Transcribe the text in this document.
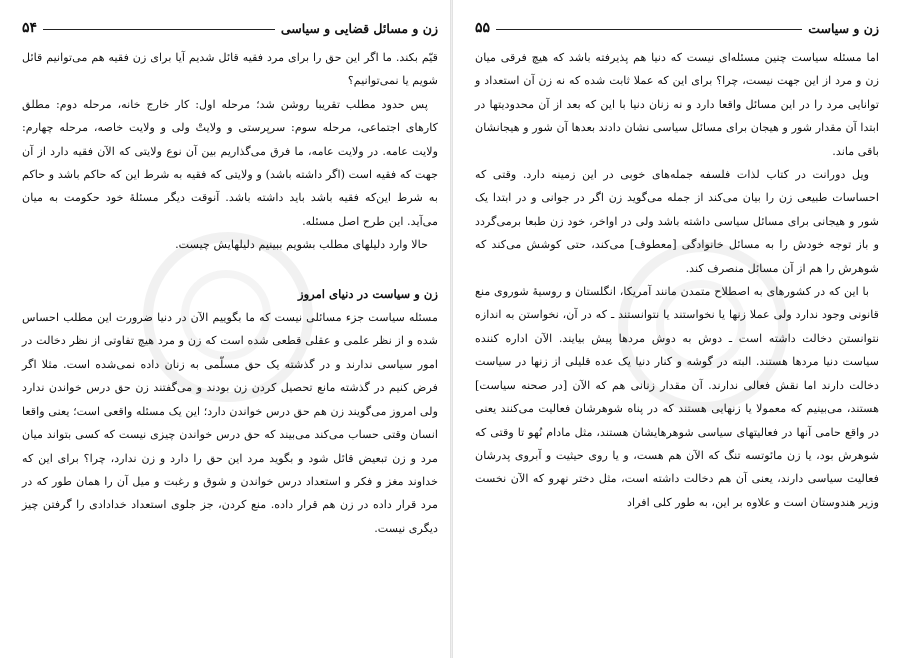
زن و مسائل قضایی و سیاسی
۵۴

قیّم بکند. ما اگر این حق را برای مرد فقیه قائل شدیم آیا برای زن فقیه هم می‌توانیم قائل شویم یا نمی‌توانیم؟

پس حدود مطلب تقریبا روشن شد؛ مرحله اول: کار خارج خانه، مرحله دوم: مطلق کارهای اجتماعی، مرحله سوم: سرپرستی و ولایتْ ولی و ولایت خاصه، مرحله چهارم: ولایت عامه. در ولایت عامه، ما فرق می‌گذاریم بین آن نوع ولایتی که الآن فقیه دارد از آن جهت که فقیه است (اگر داشته باشد) و ولایتی که فقیه به شرط این که حاکم باشد و حاکم به شرط این‌که فقیه باشد باید داشته باشد. آنوقت دیگر مسئلهٔ خود حکومت به میان می‌آید. این طرح اصل مسئله.

حالا وارد دلیلهای مطلب بشویم ببینیم دلیلهایش چیست.

زن و سیاست در دنیای امروز

مسئله سیاست جزء مسائلی نیست که ما بگوییم الآن در دنیا ضرورت این مطلب احساس شده و از نظر علمی و عقلی قطعی شده است که زن و مرد هیچ تفاوتی از نظر دخالت در امور سیاسی ندارند و در گذشته یک حق مسلّمی به زنان داده نمی‌شده است. مثلا اگر فرض کنیم در گذشته مانع تحصیل کردن زن بودند و می‌گفتند زن حق درس خواندن ندارد ولی امروز می‌گویند زن هم حق درس خواندن دارد؛ این یک مسئله واقعی است؛ یعنی واقعا انسان وقتی حساب می‌کند می‌بیند که حق درس خواندن چیزی نیست که کسی بتواند میان مرد و زن تبعیض قائل شود و بگوید مرد این حق را دارد و زن ندارد، چرا؟ برای این که خداوند مغز و فکر و استعداد درس خواندن و شوق و رغبت و میل آن را همان طور که در مرد قرار داده در زن هم قرار داده. منع کردن، جز جلوی استعداد خدادادی را گرفتن چیز دیگری نیست.

زن و سیاست
۵۵

اما مسئله سیاست چنین مسئله‌ای نیست که دنیا هم پذیرفته باشد که هیچ فرقی میان زن و مرد از این جهت نیست، چرا؟ برای این که عملا ثابت شده که نه زن آن استعداد و توانایی مرد را در این مسائل واقعا دارد و نه زنان دنیا با این که بعد از آن محدودیتها در ابتدا آن مقدار شور و هیجان برای مسائل سیاسی نشان دادند بعدها آن شور و هیجانشان باقی ماند.

ویل دورانت در کتاب لذات فلسفه جمله‌های خوبی در این زمینه دارد. وقتی که احساسات طبیعی زن را بیان می‌کند از جمله می‌گوید زن اگر در جوانی و در ابتدا یک شور و هیجانی برای مسائل سیاسی داشته باشد ولی در اواخر، خود زن طبعا برمی‌گردد و باز توجه خودش را به مسائل خانوادگی [معطوف] می‌کند، حتی کوشش می‌کند که شوهرش را هم از آن مسائل منصرف کند.

با این که در کشورهای به اصطلاح متمدن مانند آمریکا، انگلستان و روسیهٔ شوروی منع قانونی وجود ندارد ولی عملا زنها یا نخواستند یا نتوانستند ـ که در آن، نخواستن به اندازه نتوانستن دخالت داشته است ـ دوش به دوش مردها پیش بیایند. الآن اداره کننده سیاست دنیا مردها هستند. البته در گوشه و کنار دنیا یک عده قلیلی از زنها در سیاست دخالت دارند اما نقش فعالی ندارند. آن مقدار زنانی هم که الآن [در صحنه سیاست] هستند، می‌بینیم که معمولا یا زنهایی هستند که در پناه شوهرشان فعالیت می‌کنند یعنی در واقع حامی آنها در فعالیتهای سیاسی شوهرهایشان هستند، مثل مادام نُهو تا وقتی که شوهرش بود، یا زن مائوتسه تنگ که الآن هم هست، و یا روی حیثیت و آبروی پدرشان فعالیت سیاسی دارند، یعنی آن هم دخالت داشته است، مثل دختر نهرو که الآن نخست وزیر هندوستان است و علاوه بر این، به طور کلی افراد
